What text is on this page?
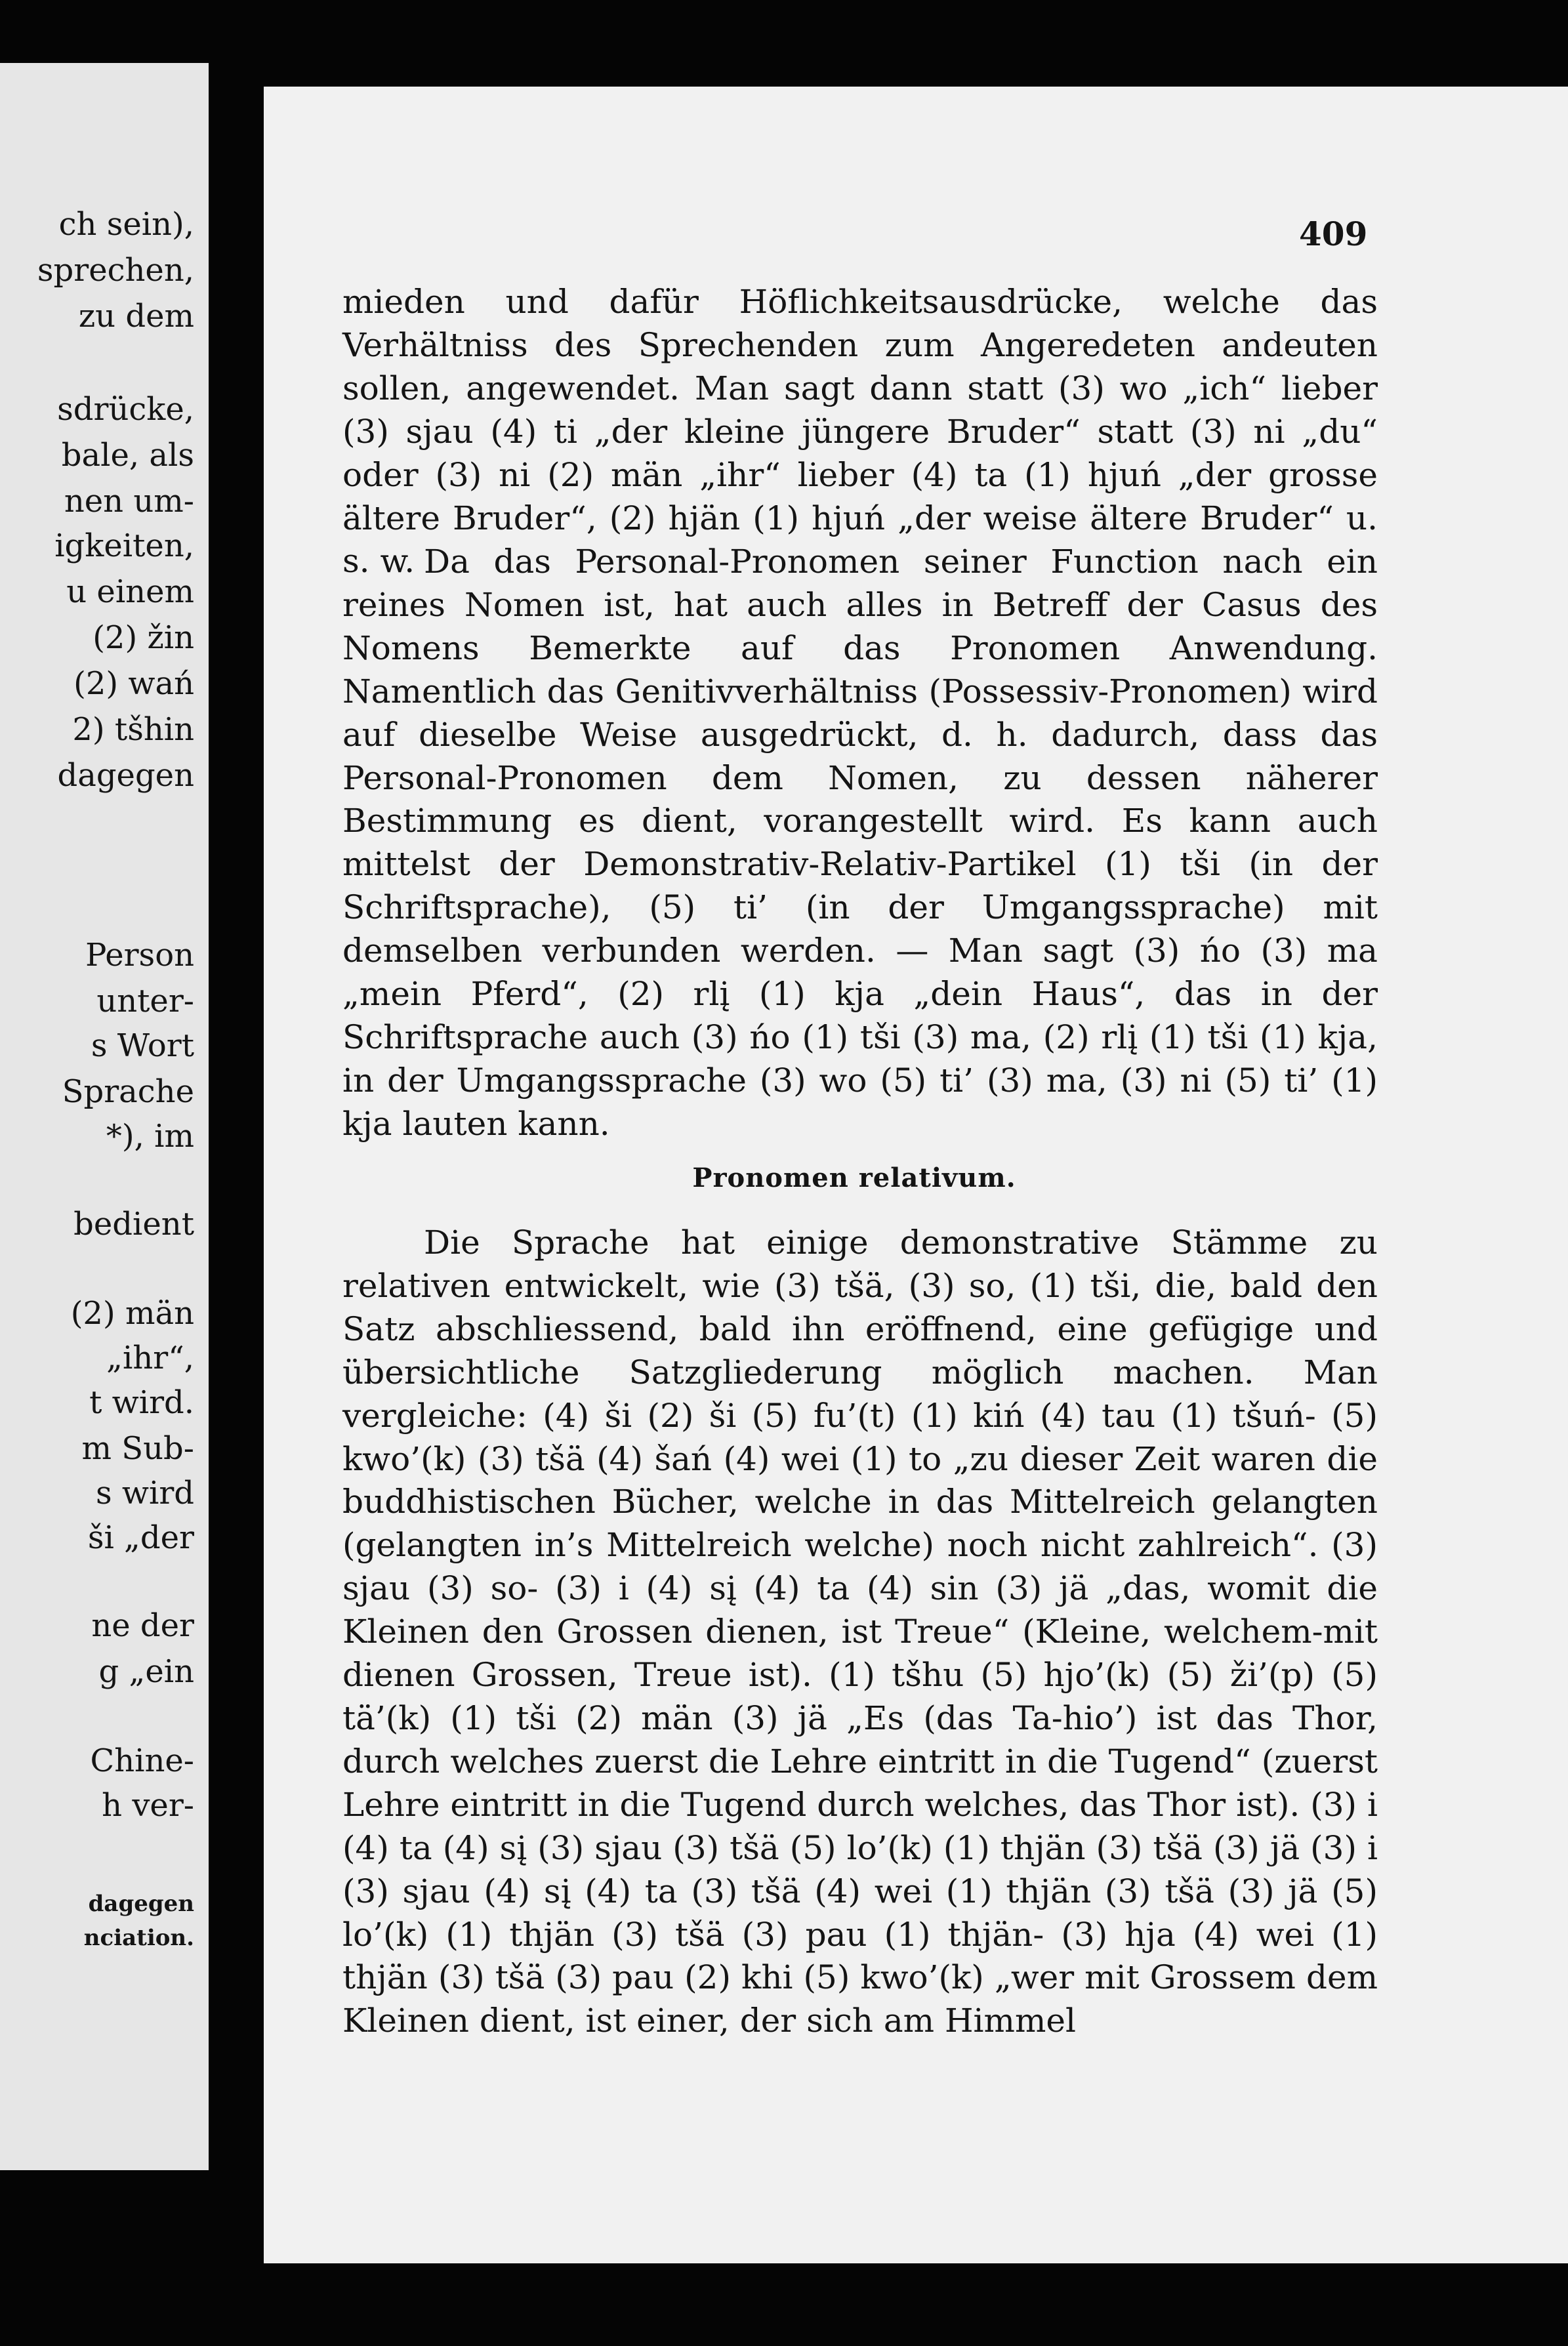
ch sein),
sprechen,
zu dem
sdrücke,
bale, als
nen um-
igkeiten,
u einem
(2) žin
(2) wań
2) tšhin
dagegen
Person
unter-
s Wort
Sprache
*), im
bedient
(2) män
„ihr“,
t wird.
m Sub-
s wird
ši „der
ne der
g „ein
Chine-
h ver-
dagegen
nciation.
409
mieden und dafür Höflichkeitsausdrücke, welche das Verhältniss des Sprechenden zum Angeredeten andeuten sollen, angewendet. Man sagt dann statt (3) wo „ich“ lieber (3) sjau (4) ti „der kleine jüngere Bruder“ statt (3) ni „du“ oder (3) ni (2) män „ihr“ lieber (4) ta (1) hjuń „der grosse ältere Bruder“, (2) hjän (1) hjuń „der weise ältere Bruder“ u. s. w. Da das Personal-Pronomen seiner Function nach ein reines Nomen ist, hat auch alles in Betreff der Casus des Nomens Bemerkte auf das Pronomen Anwendung. Namentlich das Genitivverhältniss (Possessiv-Pronomen) wird auf dieselbe Weise ausgedrückt, d. h. dadurch, dass das Personal-Pronomen dem Nomen, zu dessen näherer Bestimmung es dient, vorangestellt wird. Es kann auch mittelst der Demonstrativ-Relativ-Partikel (1) tši (in der Schriftsprache), (5) ti’ (in der Umgangssprache) mit demselben verbunden werden. — Man sagt (3) ńo (3) ma „mein Pferd“, (2) rlį (1) kja „dein Haus“, das in der Schriftsprache auch (3) ńo (1) tši (3) ma, (2) rlį (1) tši (1) kja, in der Umgangssprache (3) wo (5) ti’ (3) ma, (3) ni (5) ti’ (1) kja lauten kann.
Pronomen relativum.
Die Sprache hat einige demonstrative Stämme zu relativen entwickelt, wie (3) tšä, (3) so, (1) tši, die, bald den Satz abschliessend, bald ihn eröffnend, eine gefügige und übersichtliche Satzgliederung möglich machen. Man vergleiche: (4) ši (2) ši (5) fu’(t) (1) kiń (4) tau (1) tšuń- (5) kwo’(k) (3) tšä (4) šań (4) wei (1) to „zu dieser Zeit waren die buddhistischen Bücher, welche in das Mittelreich gelangten (gelangten in’s Mittelreich welche) noch nicht zahlreich“. (3) sjau (3) so- (3) i (4) sį (4) ta (4) sin (3) jä „das, womit die Kleinen den Grossen dienen, ist Treue“ (Kleine, welchem-mit dienen Grossen, Treue ist). (1) tšhu (5) hjo’(k) (5) ži’(p) (5) tä’(k) (1) tši (2) män (3) jä „Es (das Ta-hio’) ist das Thor, durch welches zuerst die Lehre eintritt in die Tugend“ (zuerst Lehre eintritt in die Tugend durch welches, das Thor ist). (3) i (4) ta (4) sį (3) sjau (3) tšä (5) lo’(k) (1) thjän (3) tšä (3) jä (3) i (3) sjau (4) sį (4) ta (3) tšä (4) wei (1) thjän (3) tšä (3) jä (5) lo’(k) (1) thjän (3) tšä (3) pau (1) thjän- (3) hja (4) wei (1) thjän (3) tšä (3) pau (2) khi (5) kwo’(k) „wer mit Grossem dem Kleinen dient, ist einer, der sich am Himmel
